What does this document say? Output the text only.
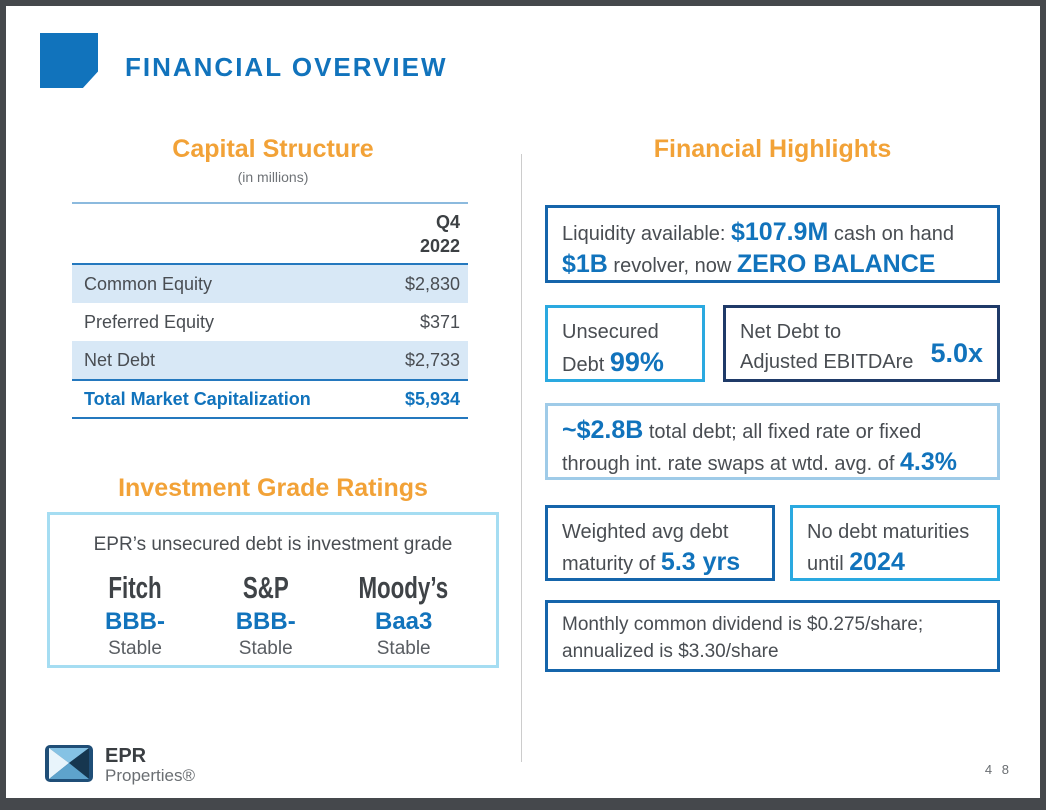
FINANCIAL OVERVIEW
Capital Structure
(in millions)
Q4
2022
Common Equity	$2,830
Preferred Equity	$371
Net Debt	$2,733
Total Market Capitalization	$5,934
Investment Grade Ratings
EPR’s unsecured debt is investment grade
Fitch
BBB-
Stable
S&P
BBB-
Stable
Moody’s
Baa3
Stable
Financial Highlights
Liquidity available: $107.9M cash on hand
$1B revolver, now ZERO BALANCE
Unsecured
Debt 99%
Net Debt to
Adjusted EBITDAre 5.0x
~$2.8B total debt; all fixed rate or fixed
through int. rate swaps at wtd. avg. of 4.3%
Weighted avg debt
maturity of 5.3 yrs
No debt maturities
until 2024
Monthly common dividend is $0.275/share;
annualized is $3.30/share
EPR
Properties®	4 8
